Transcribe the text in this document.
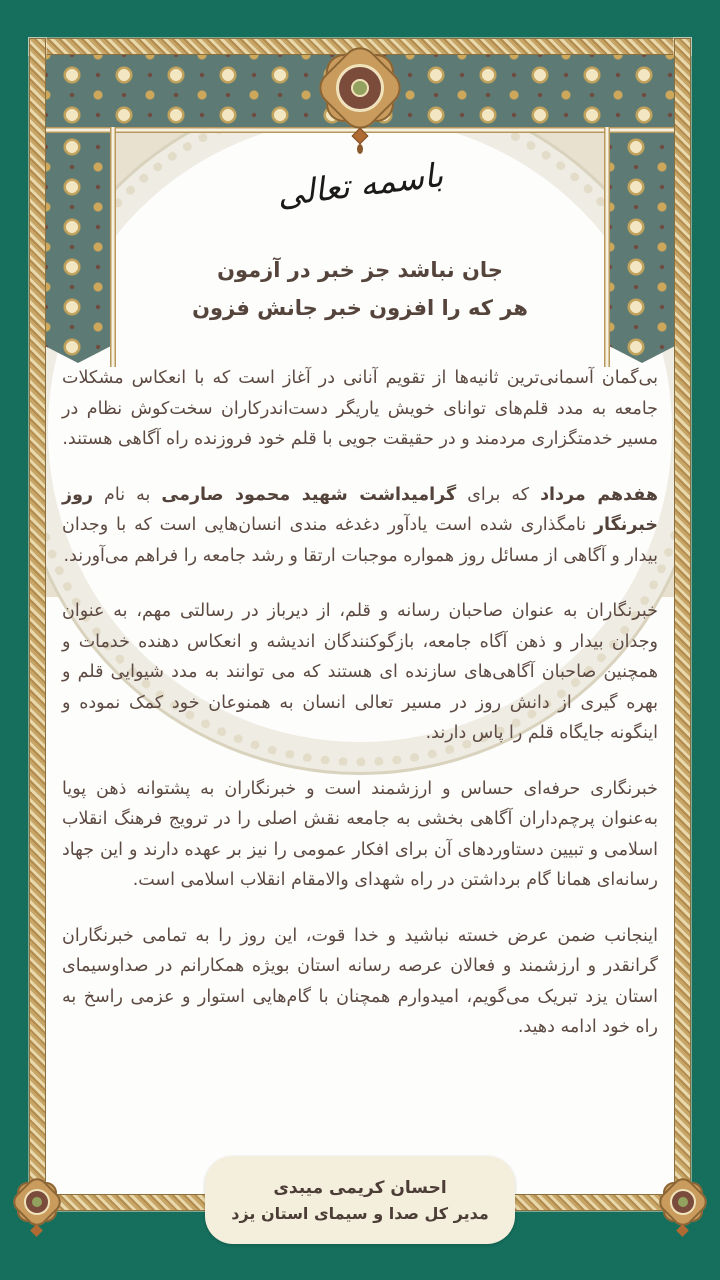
باسمه تعالی
جان نباشد جز خبر در آزمون
هر که را افزون خبر جانش فزون

بی‌گمان آسمانی‌ترین ثانیه‌ها از تقویم آنانی در آغاز است که با انعکاس مشکلات جامعه به مدد قلم‌های توانای خویش یاریگر دست‌اندرکاران سخت‌کوش نظام در مسیر خدمتگزاری مردمند و در حقیقت جویی با قلم خود فروزنده راه آگاهی هستند.

هفدهم مرداد که برای گرامیداشت شهید محمود صارمی به نام روز خبرنگار نامگذاری شده است یادآور دغدغه مندی انسان‌هایی است که با وجدان بیدار و آگاهی از مسائل روز همواره موجبات ارتقا و رشد جامعه را فراهم می‌آورند.

خبرنگاران به عنوان صاحبان رسانه و قلم، از دیرباز در رسالتی مهم، به عنوان وجدان بیدار و ذهن آگاه جامعه، بازگوکنندگان اندیشه و انعکاس دهنده خدمات و همچنین صاحبان آگاهی‌های سازنده ای هستند که می توانند به مدد شیوایی قلم و بهره گیری از دانش روز در مسیر تعالی انسان به همنوعان خود کمک نموده و اینگونه جایگاه قلم را پاس دارند.

خبرنگاری حرفه‌ای حساس و ارزشمند است و خبرنگاران به پشتوانه ذهن پویا به‌عنوان پرچم‌داران آگاهی بخشی به جامعه نقش اصلی را در ترویج فرهنگ انقلاب اسلامی و تبیین دستاوردهای آن برای افکار عمومی را نیز بر عهده دارند و این جهاد رسانه‌ای همانا گام برداشتن در راه شهدای والامقام انقلاب اسلامی است.

اینجانب ضمن عرض خسته نباشید و خدا قوت، این روز را به تمامی خبرنگاران گرانقدر و ارزشمند و فعالان عرصه رسانه استان بویژه همکارانم در صداوسیمای استان یزد تبریک می‌گویم، امیدوارم همچنان با گام‌هایی استوار و عزمی راسخ به راه خود ادامه دهید.

احسان کریمی میبدی
مدیر کل صدا و سیمای استان یزد
